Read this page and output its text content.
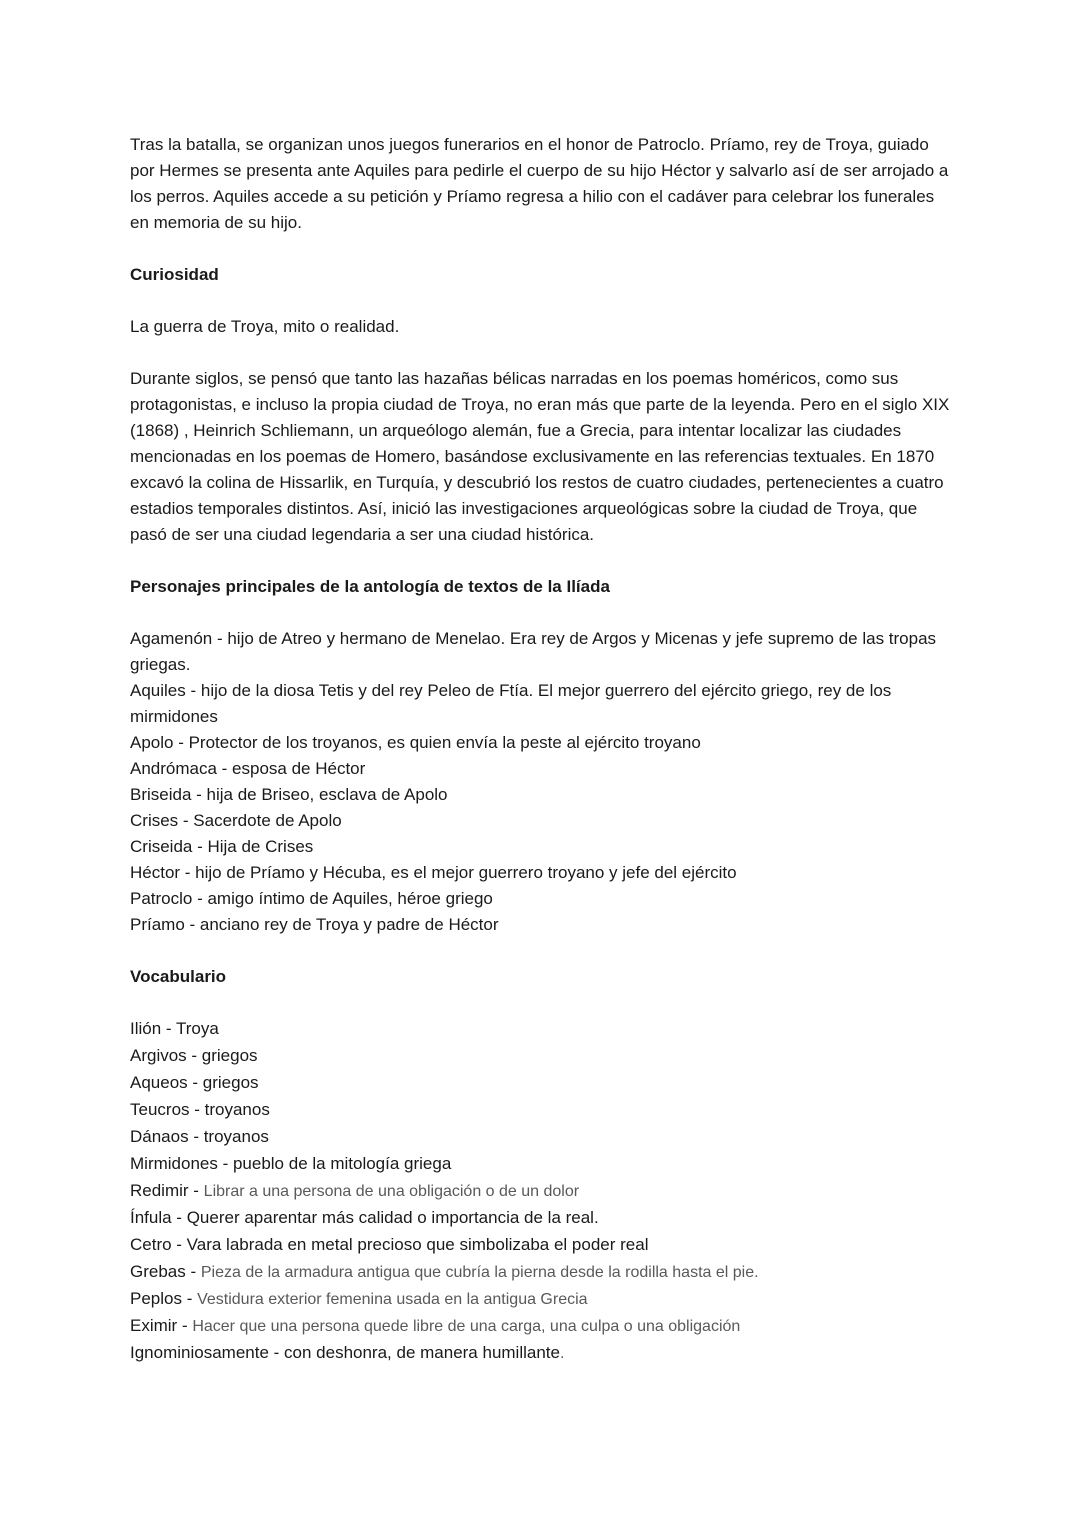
Tras la batalla, se organizan unos juegos funerarios en el honor de Patroclo. Príamo, rey de Troya, guiado por Hermes se presenta ante Aquiles para pedirle el cuerpo de su hijo Héctor y salvarlo así de ser arrojado a los perros. Aquiles accede a su petición y Príamo regresa a hilio con el cadáver para celebrar los funerales en memoria de su hijo.

Curiosidad

La guerra de Troya, mito o realidad.

Durante siglos, se pensó que tanto las hazañas bélicas narradas en los poemas homéricos, como sus protagonistas, e incluso la propia ciudad de Troya, no eran más que parte de la leyenda. Pero en el siglo XIX (1868) , Heinrich Schliemann, un arqueólogo alemán, fue a Grecia, para intentar localizar las ciudades mencionadas en los poemas de Homero, basándose exclusivamente en las referencias textuales. En 1870 excavó la colina de Hissarlik, en Turquía, y descubrió los restos de cuatro ciudades, pertenecientes a cuatro estadios temporales distintos. Así, inició las investigaciones arqueológicas sobre la ciudad de Troya, que pasó de ser una ciudad legendaria a ser una ciudad histórica.

Personajes principales de la antología de textos de la Ilíada
Agamenón - hijo de Atreo y hermano de Menelao. Era rey de Argos y Micenas y jefe supremo de las tropas griegas.
Aquiles - hijo de la diosa Tetis y del rey Peleo de Ftía. El mejor guerrero del ejército griego, rey de los mirmidones
Apolo - Protector de los troyanos, es quien envía la peste al ejército troyano
Andrómaca - esposa de Héctor
Briseida - hija de Briseo, esclava de Apolo
Crises - Sacerdote de Apolo
Criseida - Hija de Crises
Héctor - hijo de Príamo y Hécuba, es el mejor guerrero troyano y jefe del ejército
Patroclo - amigo íntimo de Aquiles, héroe griego
Príamo - anciano rey de Troya y padre de Héctor
Vocabulario
Ilión - Troya
Argivos - griegos
Aqueos - griegos
Teucros - troyanos
Dánaos - troyanos
Mirmidones - pueblo de la mitología griega
Redimir - Librar a una persona de una obligación o de un dolor
Ínfula - Querer aparentar más calidad o importancia de la real.
Cetro - Vara labrada en metal precioso que simbolizaba el poder real
Grebas - Pieza de la armadura antigua que cubría la pierna desde la rodilla hasta el pie.
Peplos - Vestidura exterior femenina usada en la antigua Grecia
Eximir - Hacer que una persona quede libre de una carga, una culpa o una obligación
Ignominiosamente - con deshonra, de manera humillante.
